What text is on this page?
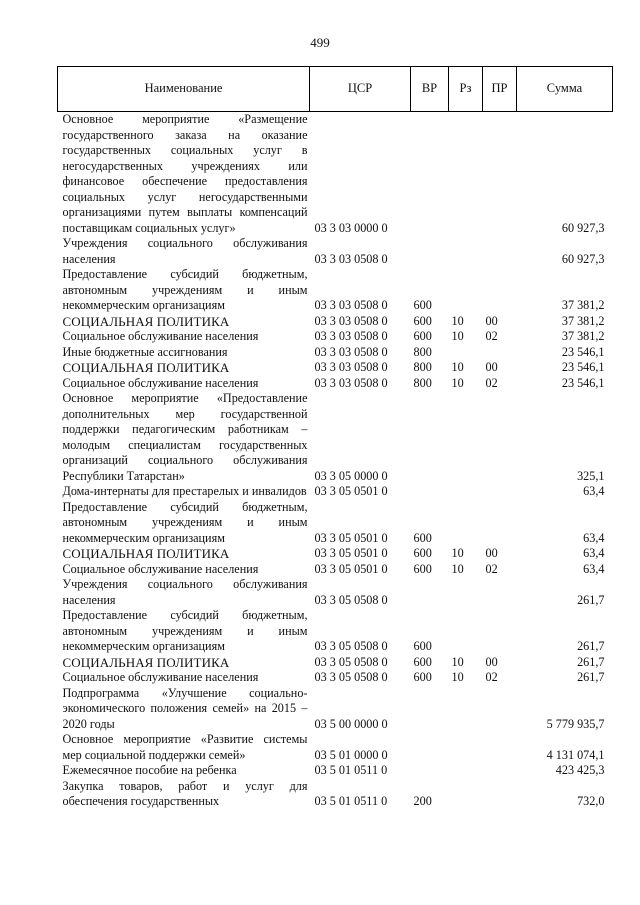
499
Наименование	ЦСР	ВР	Рз	ПР	Сумма
Основное мероприятие «Размещение государственного заказа на оказание государственных социальных услуг в негосударственных учреждениях или финансовое обеспечение предоставления социальных услуг негосударственными организациями путем выплаты компенсаций поставщикам социальных услуг»	03 3 03 0000 0				60 927,3
Учреждения социального обслуживания населения	03 3 03 0508 0				60 927,3
Предоставление субсидий бюджетным, автономным учреждениям и иным некоммерческим организациям	03 3 03 0508 0	600			37 381,2
СОЦИАЛЬНАЯ ПОЛИТИКА	03 3 03 0508 0	600	10	00	37 381,2
Социальное обслуживание населения	03 3 03 0508 0	600	10	02	37 381,2
Иные бюджетные ассигнования	03 3 03 0508 0	800			23 546,1
СОЦИАЛЬНАЯ ПОЛИТИКА	03 3 03 0508 0	800	10	00	23 546,1
Социальное обслуживание населения	03 3 03 0508 0	800	10	02	23 546,1
Основное мероприятие «Предоставление дополнительных мер государственной поддержки педагогическим работникам – молодым специалистам государственных организаций социального обслуживания Республики Татарстан»	03 3 05 0000 0				325,1
Дома-интернаты для престарелых и инвалидов	03 3 05 0501 0				63,4
Предоставление субсидий бюджетным, автономным учреждениям и иным некоммерческим организациям	03 3 05 0501 0	600			63,4
СОЦИАЛЬНАЯ ПОЛИТИКА	03 3 05 0501 0	600	10	00	63,4
Социальное обслуживание населения	03 3 05 0501 0	600	10	02	63,4
Учреждения социального обслуживания населения	03 3 05 0508 0				261,7
Предоставление субсидий бюджетным, автономным учреждениям и иным некоммерческим организациям	03 3 05 0508 0	600			261,7
СОЦИАЛЬНАЯ ПОЛИТИКА	03 3 05 0508 0	600	10	00	261,7
Социальное обслуживание населения	03 3 05 0508 0	600	10	02	261,7
Подпрограмма «Улучшение социально-экономического положения семей» на 2015 – 2020 годы	03 5 00 0000 0				5 779 935,7
Основное мероприятие «Развитие системы мер социальной поддержки семей»	03 5 01 0000 0				4 131 074,1
Ежемесячное пособие на ребенка	03 5 01 0511 0				423 425,3
Закупка товаров, работ и услуг для обеспечения государственных	03 5 01 0511 0	200			732,0
